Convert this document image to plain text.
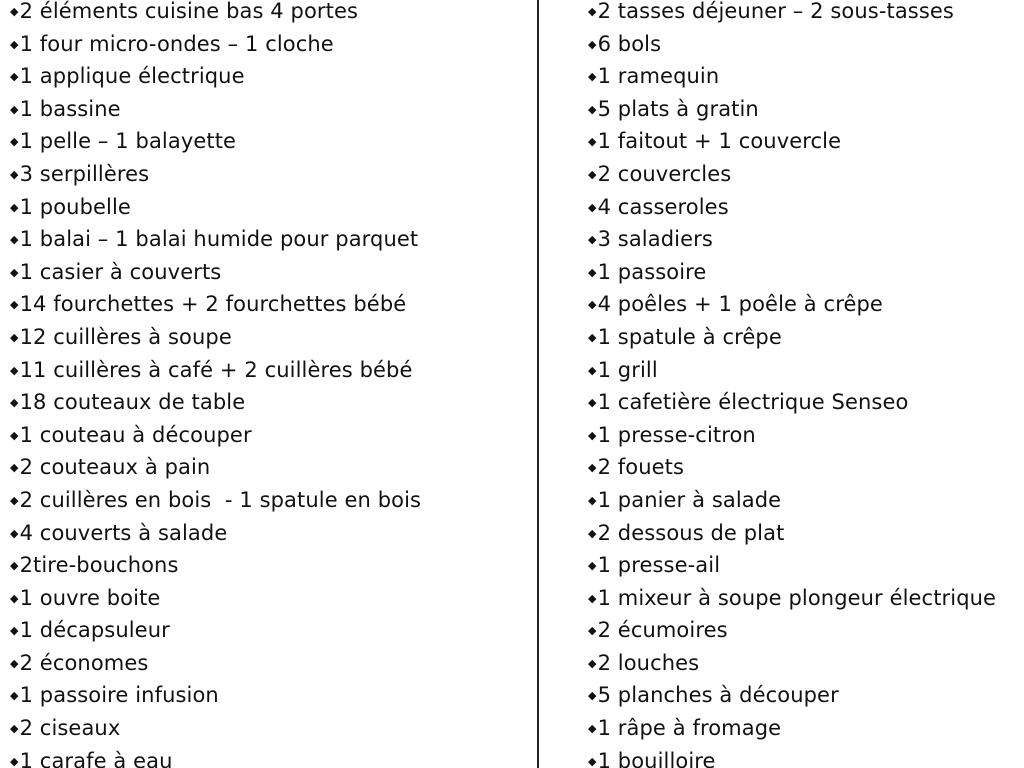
◆2 éléments cuisine bas 4 portes
◆1 four micro-ondes – 1 cloche
◆1 applique électrique
◆1 bassine
◆1 pelle – 1 balayette
◆3 serpillères
◆1 poubelle
◆1 balai – 1 balai humide pour parquet
◆1 casier à couverts
◆14 fourchettes + 2 fourchettes bébé
◆12 cuillères à soupe
◆11 cuillères à café + 2 cuillères bébé
◆18 couteaux de table
◆1 couteau à découper
◆2 couteaux à pain
◆2 cuillères en bois  - 1 spatule en bois
◆4 couverts à salade
◆2tire-bouchons
◆1 ouvre boite
◆1 décapsuleur
◆2 économes
◆1 passoire infusion
◆2 ciseaux
◆1 carafe à eau
◆2 tasses déjeuner – 2 sous-tasses
◆6 bols
◆1 ramequin
◆5 plats à gratin
◆1 faitout + 1 couvercle
◆2 couvercles
◆4 casseroles
◆3 saladiers
◆1 passoire
◆4 poêles + 1 poêle à crêpe
◆1 spatule à crêpe
◆1 grill
◆1 cafetière électrique Senseo
◆1 presse-citron
◆2 fouets
◆1 panier à salade
◆2 dessous de plat
◆1 presse-ail
◆1 mixeur à soupe plongeur électrique
◆2 écumoires
◆2 louches
◆5 planches à découper
◆1 râpe à fromage
◆1 bouilloire
